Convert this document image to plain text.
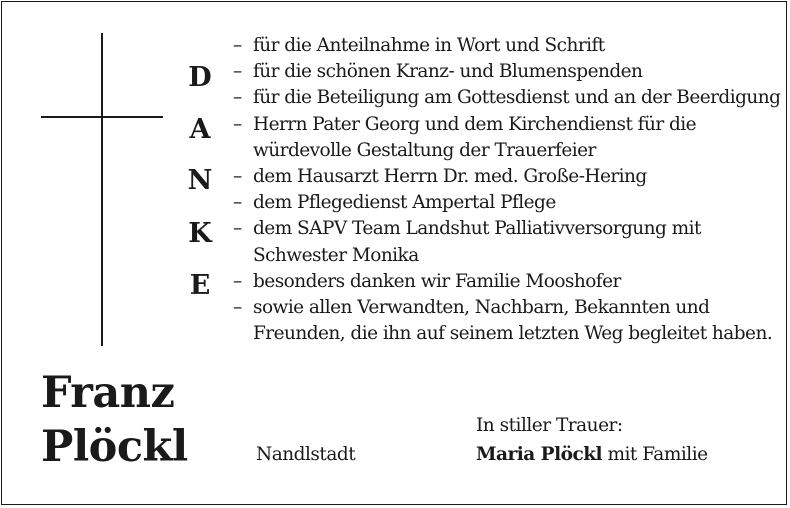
D
A
N
K
E
Franz
Plöckl
– für die Anteilnahme in Wort und Schrift
– für die schönen Kranz- und Blumenspenden
– für die Beteiligung am Gottesdienst und an der Beerdigung
– Herrn Pater Georg und dem Kirchendienst für die würdevolle Gestaltung der Trauerfeier
– dem Hausarzt Herrn Dr. med. Große-Hering
– dem Pflegedienst Ampertal Pflege
– dem SAPV Team Landshut Palliativversorgung mit Schwester Monika
– besonders danken wir Familie Mooshofer
– sowie allen Verwandten, Nachbarn, Bekannten und Freunden, die ihn auf seinem letzten Weg begleitet haben.
In stiller Trauer:
Nandlstadt	Maria Plöckl mit Familie
